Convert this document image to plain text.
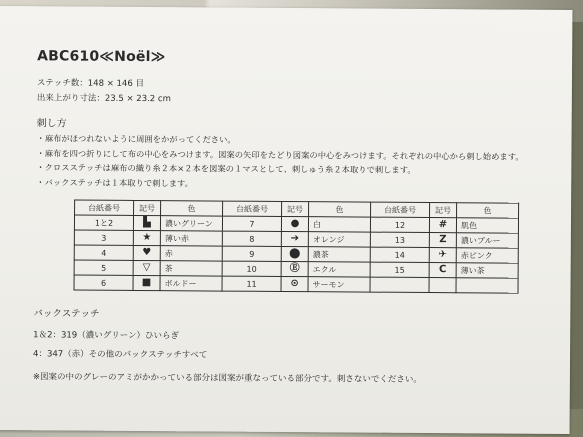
ABC610≪Noël≫
ステッチ数：148 × 146 目
出来上がり寸法：23.5 × 23.2 cm
刺し方
・麻布がほつれないように周囲をかがってください。
・麻布を四つ折りにして布の中心をみつけます。図案の矢印をたどり図案の中心をみつけます。それぞれの中心から刺し始めます。
・クロスステッチは麻布の織り糸２本×２本を図案の１マスとして、刺しゅう糸２本取りで刺します。
・バックステッチは１本取りで刺します。
台紙番号	記号	色	台紙番号	記号	色	台紙番号	記号	色
1と2	▙	濃いグリーン	7	●	白	12	#	肌色
3	★	薄い赤	8	➔	オレンジ	13	Z	濃いブルー
4	♥	赤	9	⬤	濃茶	14	✈	赤ピンク
5	▽	茶	10	Ⓔ	エクル	15	C	薄い茶
6	■	ボルドー	11	⊙	サーモン			
バックステッチ
1＆2：319（濃いグリーン）ひいらぎ
4：347（赤）その他のバックステッチすべて
※図案の中のグレーのアミがかかっている部分は図案が重なっている部分です。刺さないでください。
